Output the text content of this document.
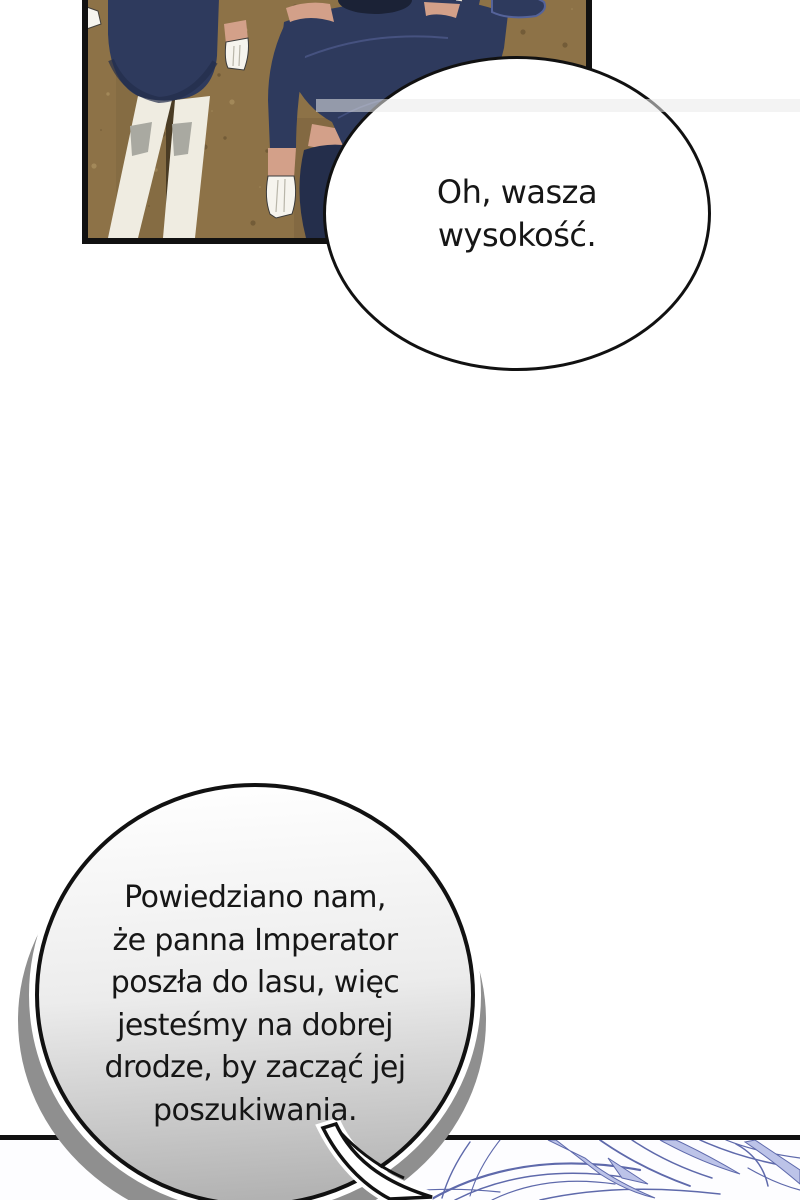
Oh, wasza
wysokość.
Powiedziano nam,
że panna Imperator
poszła do lasu, więc
jesteśmy na dobrej
drodze, by zacząć jej
poszukiwania.
